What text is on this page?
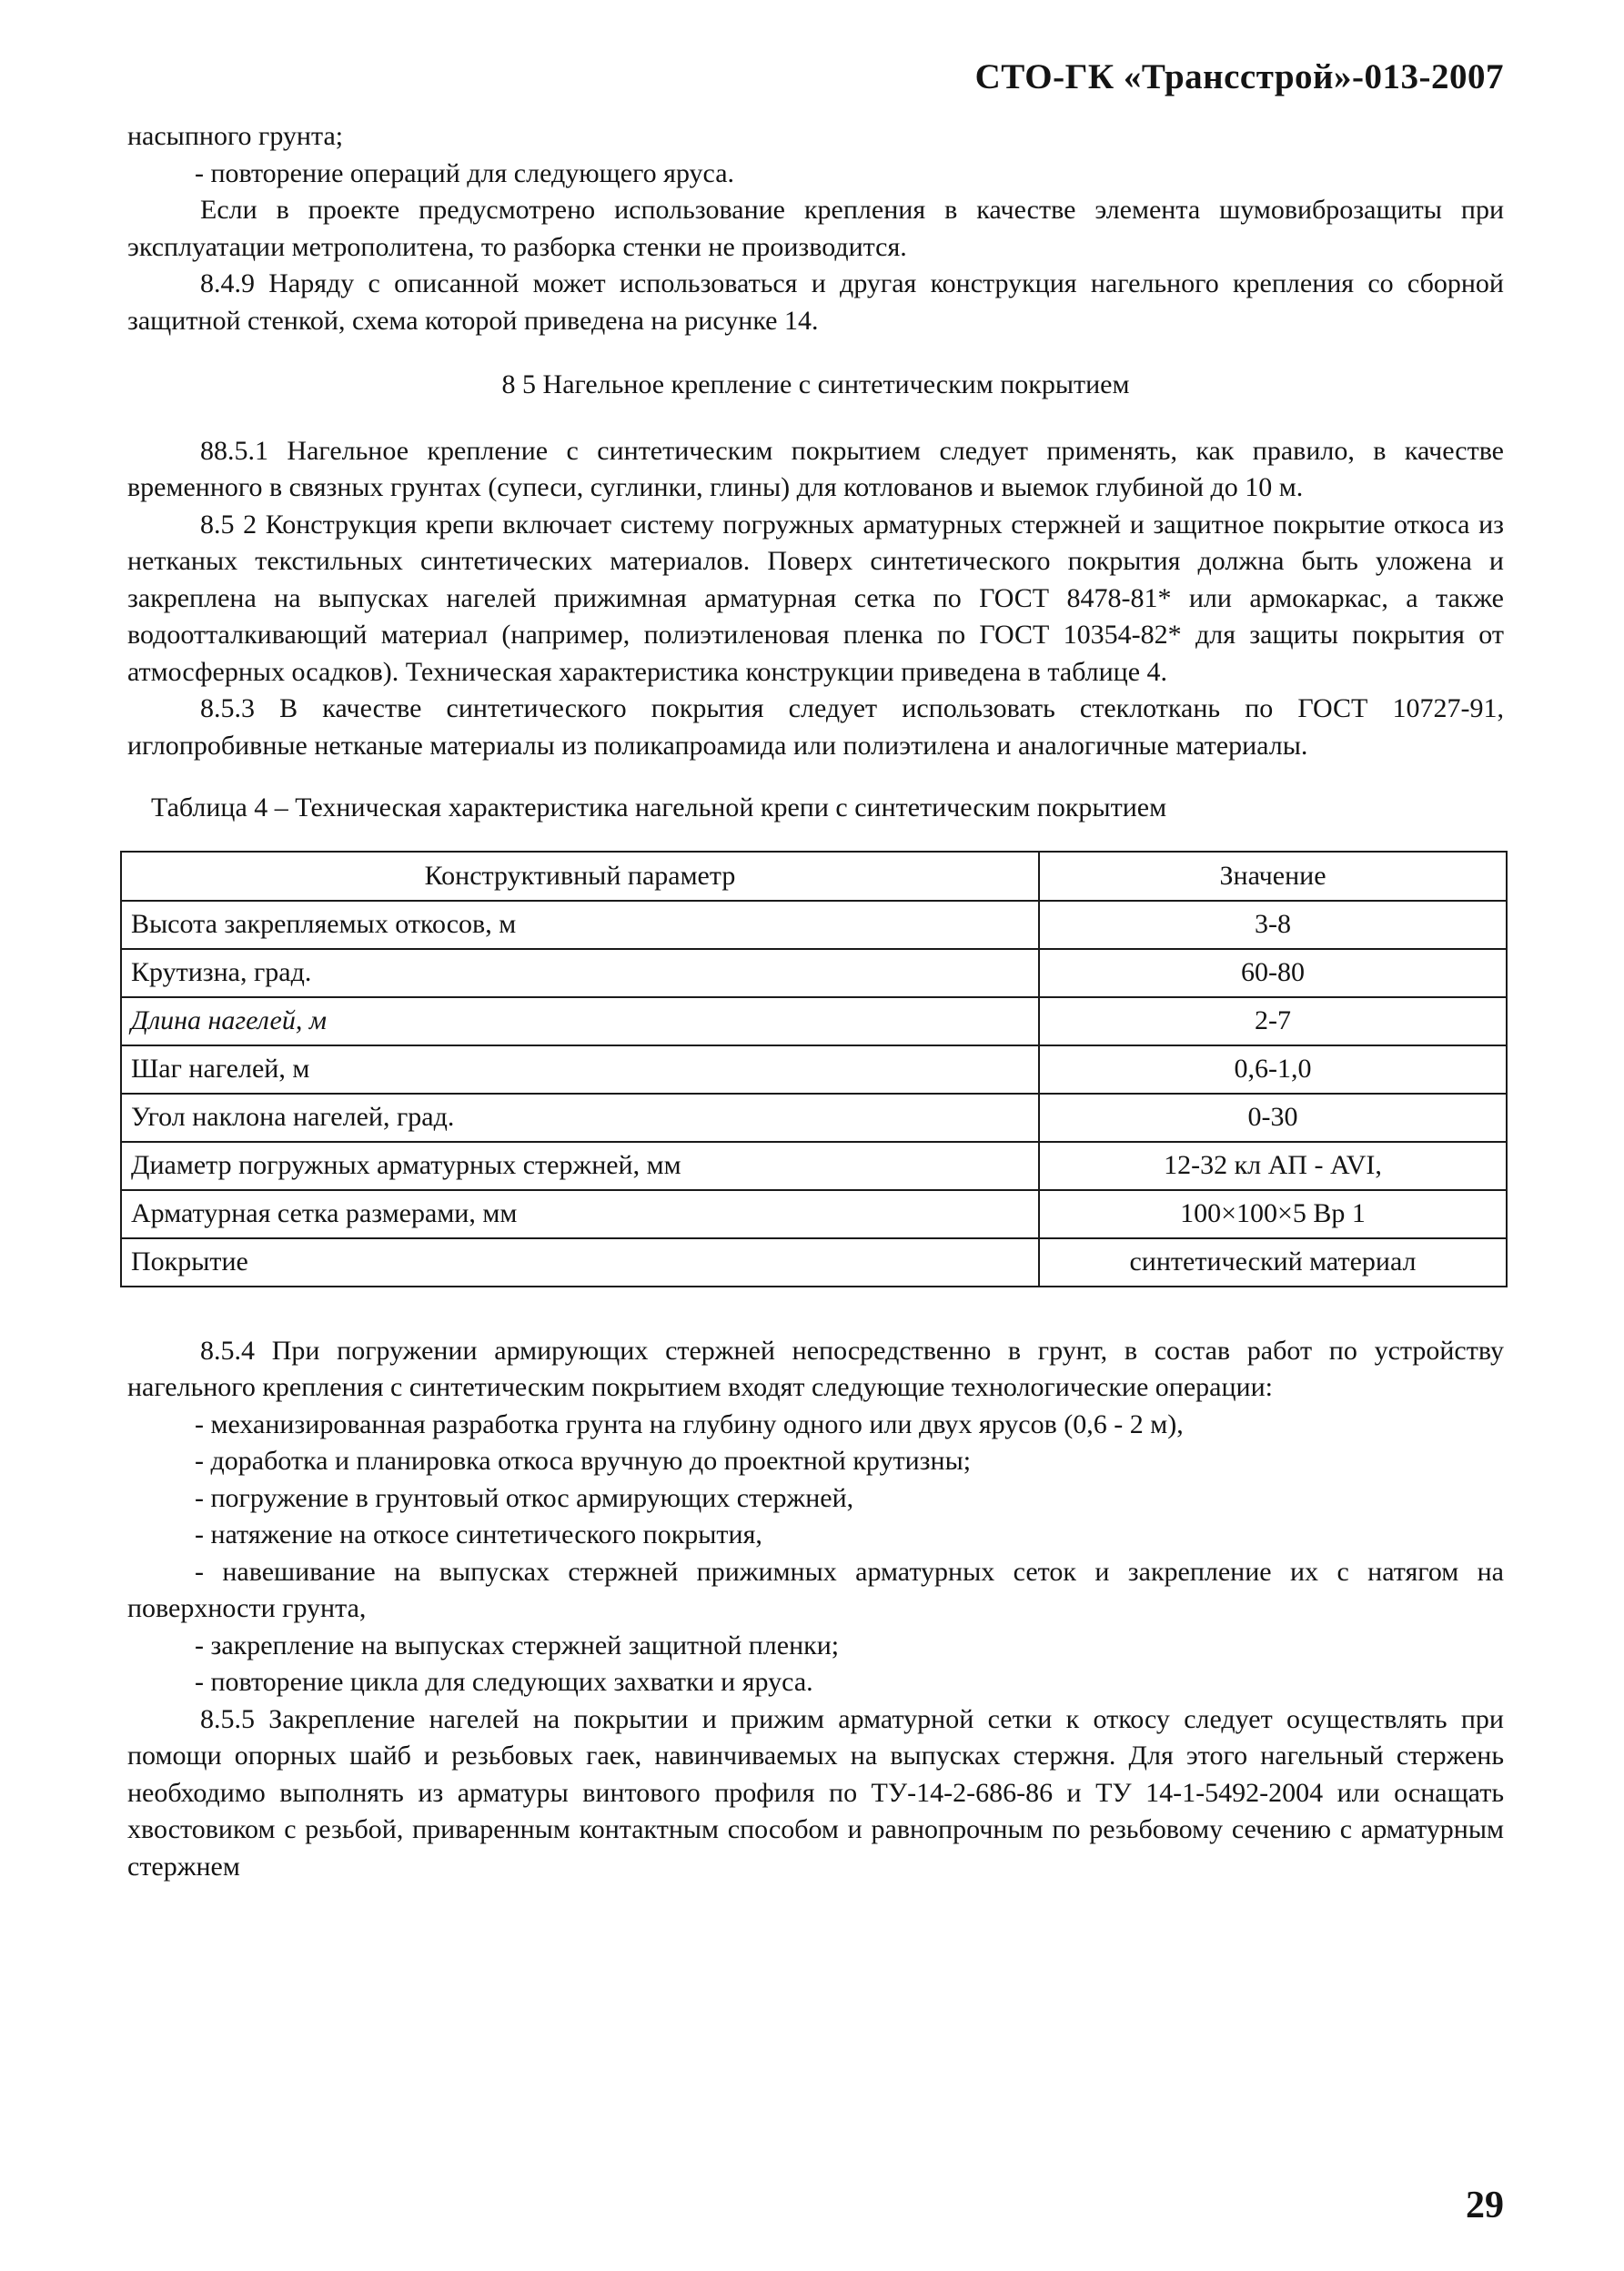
СТО-ГК «Трансстрой»-013-2007

насыпного грунта;

- повторение операций для следующего яруса.

Если в проекте предусмотрено использование крепления в качестве элемента шумовиброзащиты при эксплуатации метрополитена, то разборка стенки не производится.

8.4.9 Наряду с описанной может использоваться и другая конструкция нагельного крепления со сборной защитной стенкой, схема которой приведена на рисунке 14.

8 5 Нагельное крепление с синтетическим покрытием

88.5.1 Нагельное крепление с синтетическим покрытием следует применять, как правило, в качестве временного в связных грунтах (супеси, суглинки, глины) для котлованов и выемок глубиной до 10 м.

8.5 2 Конструкция крепи включает систему погружных арматурных стержней и защитное покрытие откоса из нетканых текстильных синтетических материалов. Поверх синтетического покрытия должна быть уложена и закреплена на выпусках нагелей прижимная арматурная сетка по ГОСТ 8478-81* или армокаркас, а также водоотталкивающий материал (например, полиэтиленовая пленка по ГОСТ 10354-82* для защиты покрытия от атмосферных осадков). Техническая характеристика конструкции приведена в таблице 4.

8.5.3 В качестве синтетического покрытия следует использовать стеклоткань по ГОСТ 10727-91, иглопробивные нетканые материалы из поликапроамида или полиэтилена и аналогичные материалы.

Таблица 4 – Техническая характеристика нагельной крепи с синтетическим покрытием

Конструктивный параметр	Значение
Высота закрепляемых откосов, м	3-8
Крутизна, град.	60-80
Длина нагелей, м	2-7
Шаг нагелей, м	0,6-1,0
Угол наклона нагелей, град.	0-30
Диаметр погружных арматурных стержней, мм	12-32 кл АП - AVI,
Арматурная сетка размерами, мм	100×100×5 Вр 1
Покрытие	синтетический материал

8.5.4 При погружении армирующих стержней непосредственно в грунт, в состав работ по устройству нагельного крепления с синтетическим покрытием входят следующие технологические операции:

- механизированная разработка грунта на глубину одного или двух ярусов (0,6 - 2 м),

- доработка и планировка откоса вручную до проектной крутизны;

- погружение в грунтовый откос армирующих стержней,

- натяжение на откосе синтетического покрытия,

- навешивание на выпусках стержней прижимных арматурных сеток и закрепление их с натягом на поверхности грунта,

- закрепление на выпусках стержней защитной пленки;

- повторение цикла для следующих захватки и яруса.

8.5.5 Закрепление нагелей на покрытии и прижим арматурной сетки к откосу следует осуществлять при помощи опорных шайб и резьбовых гаек, навинчиваемых на выпусках стержня. Для этого нагельный стержень необходимо выполнять из арматуры винтового профиля по ТУ-14-2-686-86 и ТУ 14-1-5492-2004 или оснащать хвостовиком с резьбой, приваренным контактным способом и равнопрочным по резьбовому сечению с арматурным стержнем

29
